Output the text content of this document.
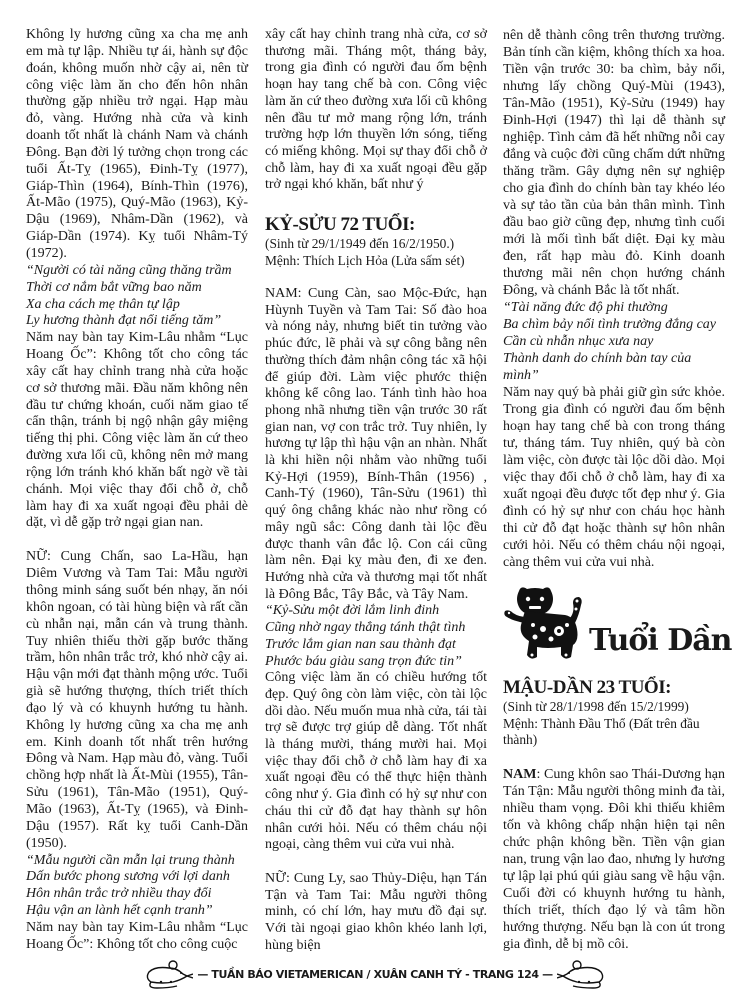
Không ly hương cũng xa cha mẹ anh em mà tự lập. Nhiều tự ái, hành sự độc đoán, không muốn nhờ cậy ai, nên từ công việc làm ăn cho đến hôn nhân thường gặp nhiều trở ngại. Hạp màu đỏ, vàng. Hướng nhà cửa và kinh doanh tốt nhất là chánh Nam và chánh Đông. Bạn đời lý tưởng chọn trong các tuổi Ất-Tỵ (1965), Đinh-Tỵ (1977), Giáp-Thìn (1964), Bính-Thìn (1976), Ất-Mão (1975), Quý-Mão (1963), Kỷ-Dậu (1969), Nhâm-Dần (1962), và Giáp-Dần (1974). Kỵ tuổi Nhâm-Tý (1972).

“Người có tài năng cũng thăng trầm
Thời cơ nắm bắt vững bao năm
Xa cha cách mẹ thân tự lập
Ly hương thành đạt nổi tiếng tăm”

Năm nay bàn tay Kim-Lâu nhằm “Lục Hoang Ốc”: Không tốt cho công tác xây cất hay chỉnh trang nhà cửa hoặc cơ sở thương mãi. Đầu năm không nên đầu tư chứng khoán, cuối năm giao tế cẩn thận, tránh bị ngộ nhận gây miệng tiếng thị phi. Công việc làm ăn cứ theo đường xưa lối cũ, không nên mở mang rộng lớn tránh khó khăn bất ngờ về tài chánh. Mọi việc thay đổi chỗ ở, chỗ làm hay đi xa xuất ngoại đều phải dè dặt, vì dễ gặp trở ngại gian nan.

NỮ: Cung Chấn, sao La-Hầu, hạn Diêm Vương và Tam Tai: Mẫu người thông minh sáng suốt bén nhạy, ăn nói khôn ngoan, có tài hùng biện và rất cần cù nhẫn nại, mẫn cán và trung thành. Tuy nhiên thiếu thời gặp bước thăng trầm, hôn nhân trắc trở, khó nhờ cậy ai. Hậu vận mới đạt thành mộng ước. Tuổi già sẽ hướng thượng, thích triết thích đạo lý và có khuynh hướng tu hành. Không ly hương cũng xa cha mẹ anh em. Kinh doanh tốt nhất trên hướng Đông và Nam. Hạp màu đỏ, vàng. Tuổi chồng hợp nhất là Ất-Mùi (1955), Tân-Sửu (1961), Tân-Mão (1951), Quý-Mão (1963), Ất-Tỵ (1965), và Đinh-Dậu (1957). Rất kỵ tuổi Canh-Dần (1950).

“Mẫu người cần mẫn lại trung thành
Dấn bước phong sương với lợi danh
Hôn nhân trắc trở nhiều thay đổi
Hậu vận an lành hết cạnh tranh”

Năm nay bàn tay Kim-Lâu nhằm “Lục Hoang Ốc”: Không tốt cho công cuộc

xây cất hay chỉnh trang nhà cửa, cơ sở thương mãi. Tháng một, tháng bảy, trong gia đình có người đau ốm bệnh hoạn hay tang chế bà con. Công việc làm ăn cứ theo đường xưa lối cũ không nên đầu tư mở mang rộng lớn, tránh trường hợp lớn thuyền lớn sóng, tiếng có miếng không. Mọi sự thay đổi chỗ ở chỗ làm, hay đi xa xuất ngoại đều gặp trở ngại khó khăn, bất như ý

KỶ-SỬU 72 TUỔI:

(Sinh từ 29/1/1949 đến 16/2/1950.)

Mệnh: Thích Lịch Hỏa (Lửa sấm sét)

NAM: Cung Càn, sao Mộc-Đức, hạn Hùynh Tuyền và Tam Tai: Số đào hoa và nóng nảy, nhưng biết tin tưởng vào phúc đức, lẽ phải và sự công bằng nên thường thích đảm nhận công tác xã hội để giúp đời. Làm việc phước thiện không kể công lao. Tánh tình hào hoa phong nhã nhưng tiền vận trước 30 rất gian nan, vợ con trắc trở. Tuy nhiên, ly hương tự lập thì hậu vận an nhàn. Nhất là khi hiền nội nhằm vào những tuổi Kỷ-Hợi (1959), Bính-Thân (1956) , Canh-Tý (1960), Tân-Sửu (1961) thì quý ông chẳng khác nào như rồng có mây ngũ sắc: Công danh tài lộc đều được thanh vân đắc lộ. Con cái cũng làm nên. Đại kỵ màu đen, đi xe đen. Hướng nhà cửa và thương mại tốt nhất là Đông Bắc, Tây Bắc, và Tây Nam.

“Kỷ-Sửu một đời lắm linh đinh
Cũng nhờ ngay thẳng tánh thật tình
Trước lắm gian nan sau thành đạt
Phước báu giàu sang trọn đức tin”

Công việc làm ăn có chiều hướng tốt đẹp. Quý ông còn làm việc, còn tài lộc dồi dào. Nếu muốn mua nhà cửa, tái tài trợ sẽ được trợ giúp dễ dàng. Tốt nhất là tháng mười, tháng mười hai. Mọi việc thay đổi chỗ ở chỗ làm hay đi xa xuất ngoại đều có thể thực hiện thành công như ý. Gia đình có hỷ sự như con cháu thi cử đỗ đạt hay thành sự hôn nhân cưới hỏi. Nếu có thêm cháu nội ngoại, càng thêm vui cửa vui nhà.

NỮ: Cung Ly, sao Thủy-Diệu, hạn Tán Tận và Tam Tai: Mẫu người thông minh, có chí lớn, hay mưu đồ đại sự. Với tài ngoại giao khôn khéo lanh lợi, hùng biện

nên dễ thành công trên thương trường. Bản tính cần kiệm, không thích xa hoa. Tiền vận trước 30: ba chìm, bảy nổi, nhưng lấy chồng Quý-Mùi (1943), Tân-Mão (1951), Kỷ-Sửu (1949) hay Đinh-Hợi (1947) thì lại dễ thành sự nghiệp. Tình cảm đã hết những nỗi cay đắng và cuộc đời cũng chấm dứt những thăng trầm. Gây dựng nên sự nghiệp cho gia đình do chính bàn tay khéo léo và sự tảo tần của bản thân mình. Tình đầu bao giờ cũng đẹp, nhưng tình cuối mới là mối tình bất diệt. Đại kỵ màu đen, rất hạp màu đỏ. Kinh doanh thương mãi nên chọn hướng chánh Đông, và chánh Bắc là tốt nhất.

“Tài năng đức độ phi thường
Ba chìm bảy nổi tình trường đắng cay
Cần cù nhẫn nhục xưa nay
Thành danh do chính bàn tay của mình”

Năm nay quý bà phải giữ gìn sức khỏe. Trong gia đình có người đau ốm bệnh hoạn hay tang chế bà con trong tháng tư, tháng tám. Tuy nhiên, quý bà còn làm việc, còn được tài lộc dồi dào. Mọi việc thay đổi chỗ ở chỗ làm, hay đi xa xuất ngoại đều được tốt đẹp như ý. Gia đình có hỷ sự như con cháu học hành thi cử đỗ đạt hoặc thành sự hôn nhân cưới hỏi. Nếu có thêm cháu nội ngoại, càng thêm vui cửa vui nhà.

Tuổi Dần
MẬU-DẦN 23 TUỔI:

(Sinh từ 28/1/1998 đến 15/2/1999)

Mệnh: Thành Đầu Thổ (Đất trên đầu thành)

NAM: Cung khôn sao Thái-Dương hạn Tán Tận: Mẫu người thông minh đa tài, nhiều tham vọng. Đôi khi thiếu khiêm tốn và không chấp nhận hiện tại nên chức phận không bền. Tiền vận gian nan, trung vận lao đao, nhưng ly hương tự lập lại phú qúi giàu sang về hậu vận. Cuối đời có khuynh hướng tu hành, thích triết, thích đạo lý và tâm hồn hướng thượng. Nếu bạn là con út trong gia đình, dễ bị mồ côi.

— TUẦN BÁO VIETAMERICAN / XUÂN CANH TÝ - TRANG 124 —
